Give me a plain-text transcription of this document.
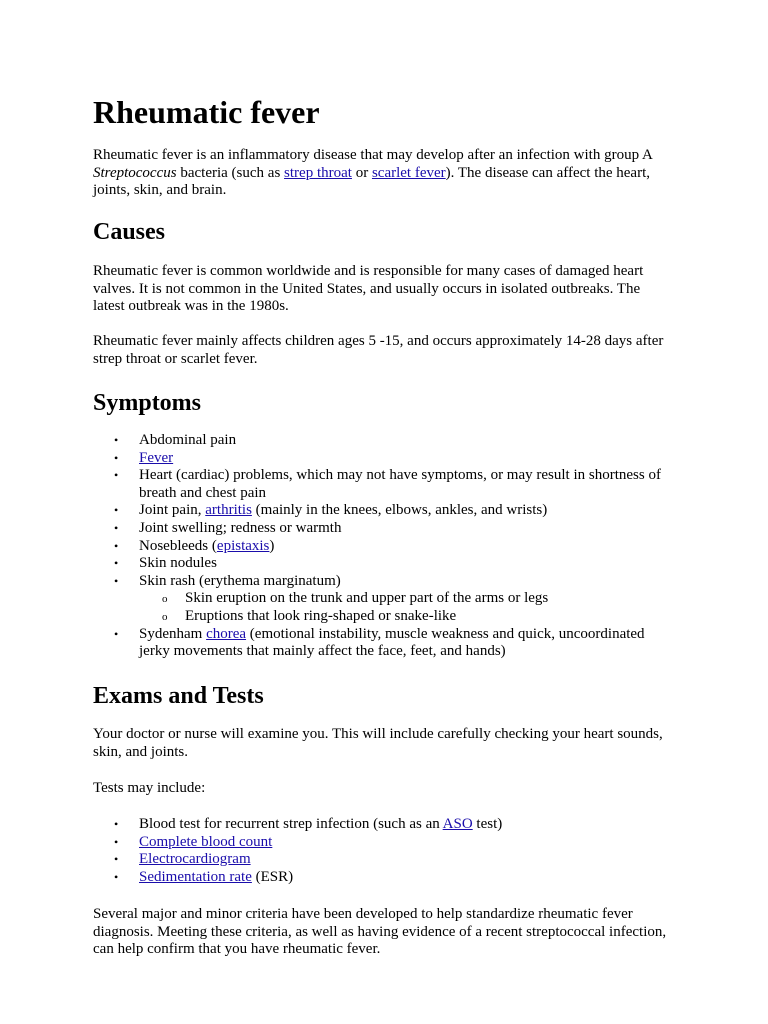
Rheumatic fever

Rheumatic fever is an inflammatory disease that may develop after an infection with group A Streptococcus bacteria (such as strep throat or scarlet fever). The disease can affect the heart, joints, skin, and brain.

Causes

Rheumatic fever is common worldwide and is responsible for many cases of damaged heart valves. It is not common in the United States, and usually occurs in isolated outbreaks. The latest outbreak was in the 1980s.

Rheumatic fever mainly affects children ages 5 -15, and occurs approximately 14-28 days after strep throat or scarlet fever.

Symptoms
• Abdominal pain
• Fever
• Heart (cardiac) problems, which may not have symptoms, or may result in shortness of breath and chest pain
• Joint pain, arthritis (mainly in the knees, elbows, ankles, and wrists)
• Joint swelling; redness or warmth
• Nosebleeds (epistaxis)
• Skin nodules
• Skin rash (erythema marginatum)
o Skin eruption on the trunk and upper part of the arms or legs
o Eruptions that look ring-shaped or snake-like
• Sydenham chorea (emotional instability, muscle weakness and quick, uncoordinated jerky movements that mainly affect the face, feet, and hands)
Exams and Tests

Your doctor or nurse will examine you. This will include carefully checking your heart sounds, skin, and joints.

Tests may include:

• Blood test for recurrent strep infection (such as an ASO test)
• Complete blood count
• Electrocardiogram
• Sedimentation rate (ESR)

Several major and minor criteria have been developed to help standardize rheumatic fever diagnosis. Meeting these criteria, as well as having evidence of a recent streptococcal infection, can help confirm that you have rheumatic fever.
